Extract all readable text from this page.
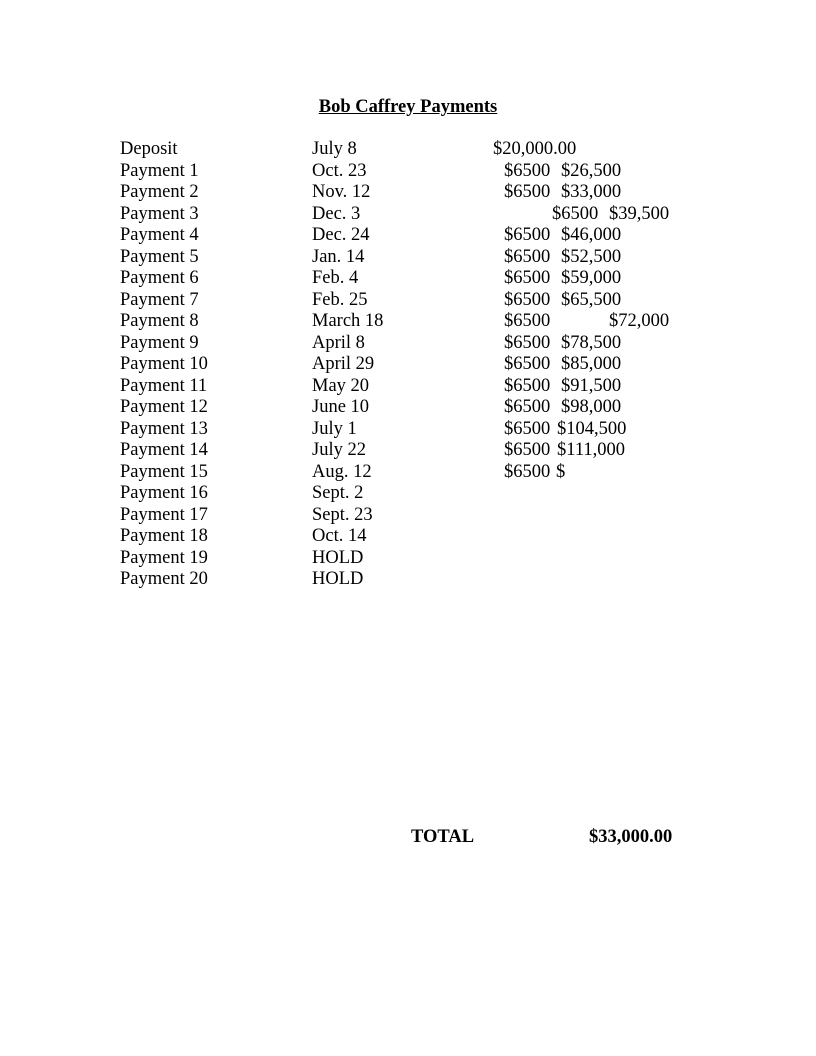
Bob Caffrey Payments
Deposit	July 8	$20,000.00
Payment 1	Oct. 23	$6500 $26,500
Payment 2	Nov. 12	$6500 $33,000
Payment 3	Dec. 3	$6500 $39,500
Payment 4	Dec. 24	$6500 $46,000
Payment 5	Jan. 14	$6500 $52,500
Payment 6	Feb. 4	$6500 $59,000
Payment 7	Feb. 25	$6500 $65,500
Payment 8	March 18	$6500	$72,000
Payment 9	April 8	$6500 $78,500
Payment 10	April 29	$6500 $85,000
Payment 11	May 20	$6500 $91,500
Payment 12	June 10	$6500 $98,000
Payment 13	July 1	$6500 $104,500
Payment 14	July 22	$6500 $111,000
Payment 15	Aug. 12	$6500 $
Payment 16	Sept. 2
Payment 17	Sept. 23
Payment 18	Oct. 14
Payment 19	HOLD
Payment 20	HOLD
TOTAL	$33,000.00
